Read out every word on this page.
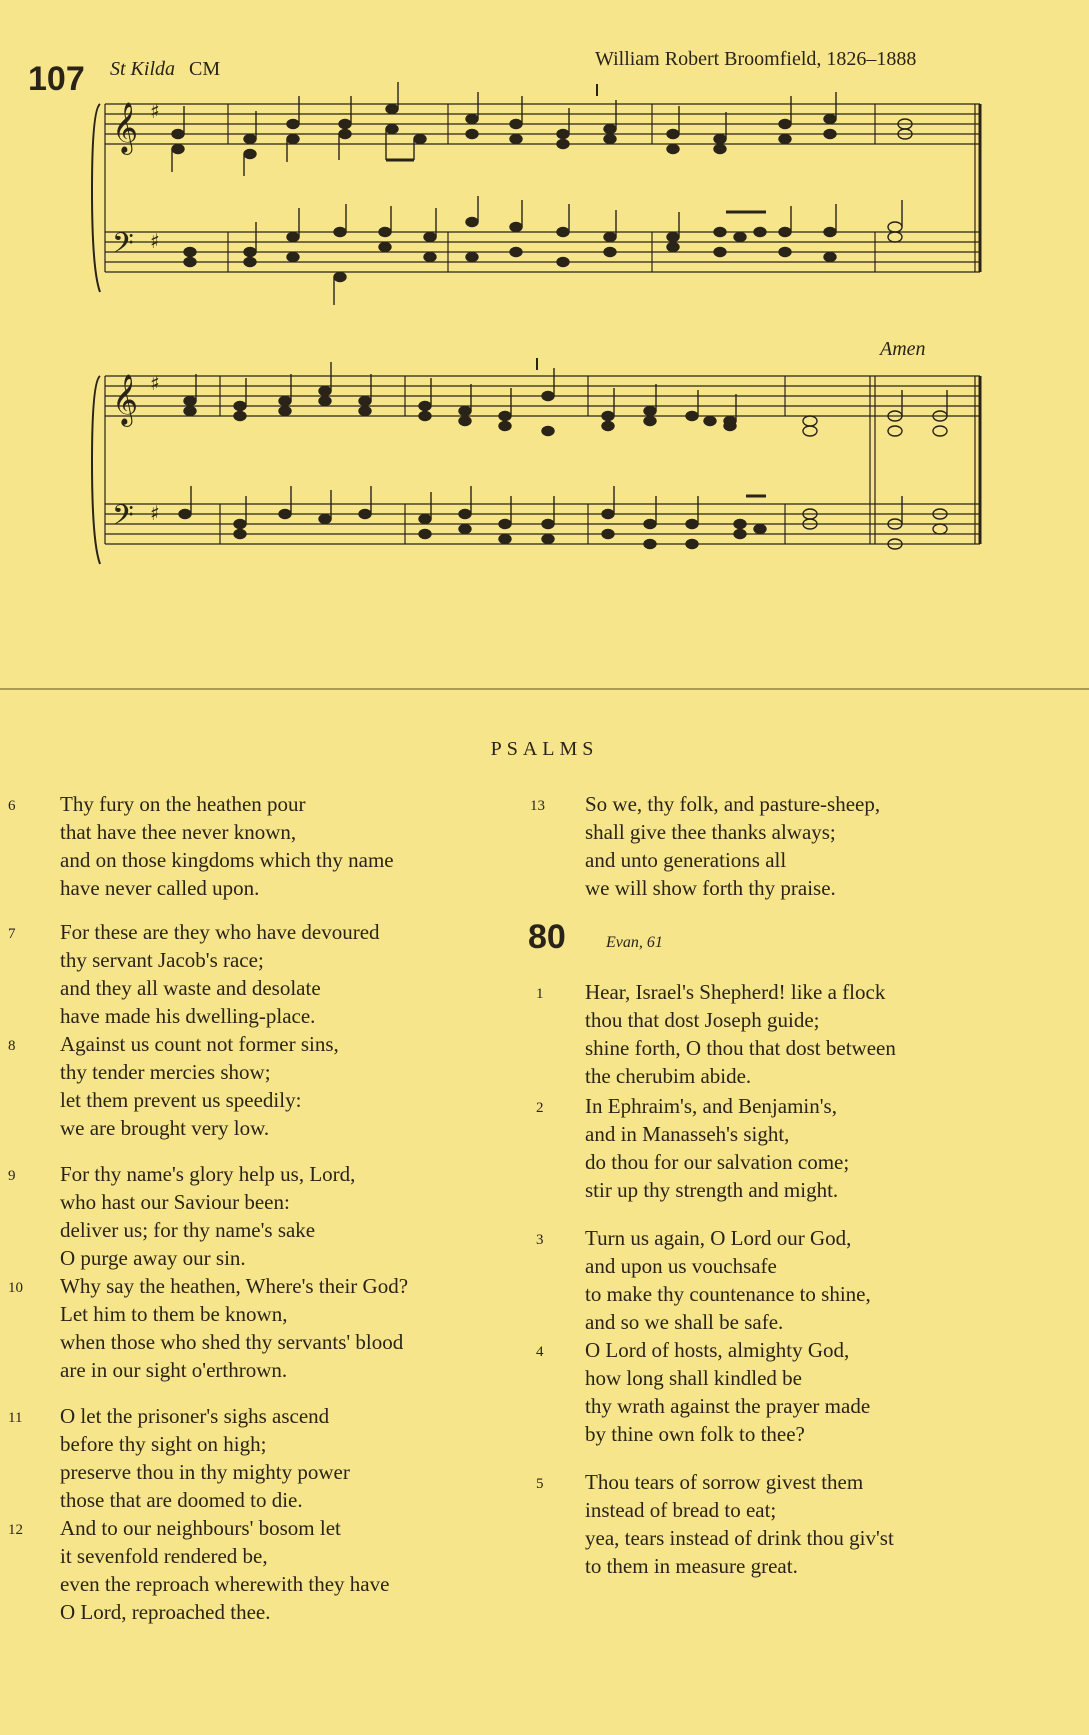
107 St Kilda CM	William Robert Broomfield, 1826–1888
Amen
𝄞
𝄢
𝄞
𝄢
♯
♯
♯
♯
PSALMS
6 Thy fury on the heathen pour
that have thee never known,
and on those kingdoms which thy name
have never called upon.
7 For these are they who have devoured
thy servant Jacob's race;
and they all waste and desolate
have made his dwelling-place.
8 Against us count not former sins,
thy tender mercies show;
let them prevent us speedily:
we are brought very low.
9 For thy name's glory help us, Lord,
who hast our Saviour been:
deliver us; for thy name's sake
O purge away our sin.
10 Why say the heathen, Where's their God?
Let him to them be known,
when those who shed thy servants' blood
are in our sight o'erthrown.
11 O let the prisoner's sighs ascend
before thy sight on high;
preserve thou in thy mighty power
those that are doomed to die.
12 And to our neighbours' bosom let
it sevenfold rendered be,
even the reproach wherewith they have
O Lord, reproached thee.
13 So we, thy folk, and pasture-sheep,
shall give thee thanks always;
and unto generations all
we will show forth thy praise.
1 Hear, Israel's Shepherd! like a flock
thou that dost Joseph guide;
shine forth, O thou that dost between
the cherubim abide.
2 In Ephraim's, and Benjamin's,
and in Manasseh's sight,
do thou for our salvation come;
stir up thy strength and might.
3 Turn us again, O Lord our God,
and upon us vouchsafe
to make thy countenance to shine,
and so we shall be safe.
4 O Lord of hosts, almighty God,
how long shall kindled be
thy wrath against the prayer made
by thine own folk to thee?
5 Thou tears of sorrow givest them
instead of bread to eat;
yea, tears instead of drink thou giv'st
to them in measure great.
80	Evan, 61
